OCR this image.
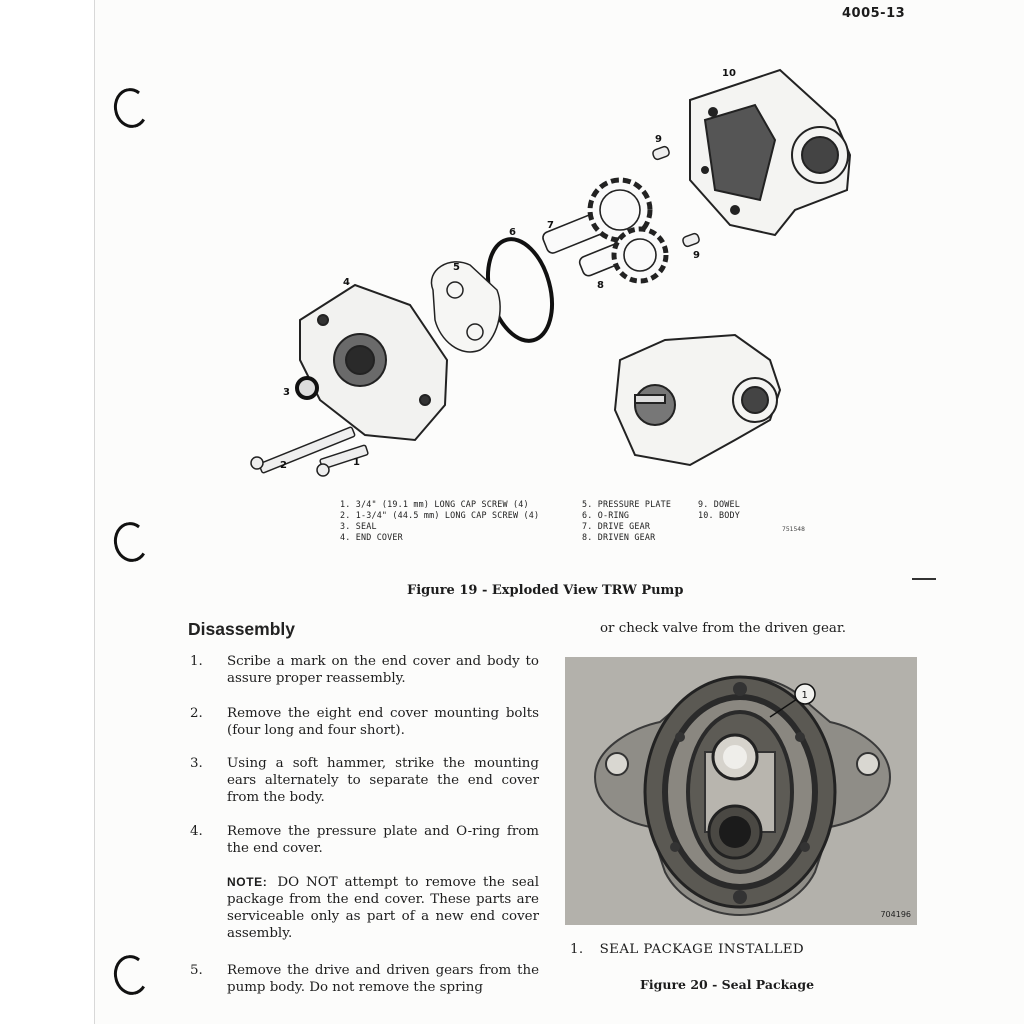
4005-13
1
2
3
4
5
6
7
8
9
9
10
1. 3/4" (19.1 mm) LONG CAP SCREW (4)
2. 1-3/4" (44.5 mm) LONG CAP SCREW (4)
3. SEAL
4. END COVER
5. PRESSURE PLATE
6. O-RING
7. DRIVE GEAR
8. DRIVEN GEAR
9. DOWEL
10. BODY
751548
Figure 19 - Exploded View TRW Pump
Disassembly
1.	Scribe a mark on the end cover and body to assure proper reassembly.
2.	Remove the eight end cover mounting bolts (four long and four short).
3.	Using a soft hammer, strike the mounting ears alternately to separate the end cover from the body.
4.	Remove the pressure plate and O-ring from the end cover.
NOTE: DO NOT attempt to remove the seal package from the end cover. These parts are serviceable only as part of a new end cover assembly.
5.	Remove the drive and driven gears from the pump body. Do not remove the spring
or check valve from the driven gear.
1
704196
1. SEAL PACKAGE INSTALLED
Figure 20 - Seal Package
